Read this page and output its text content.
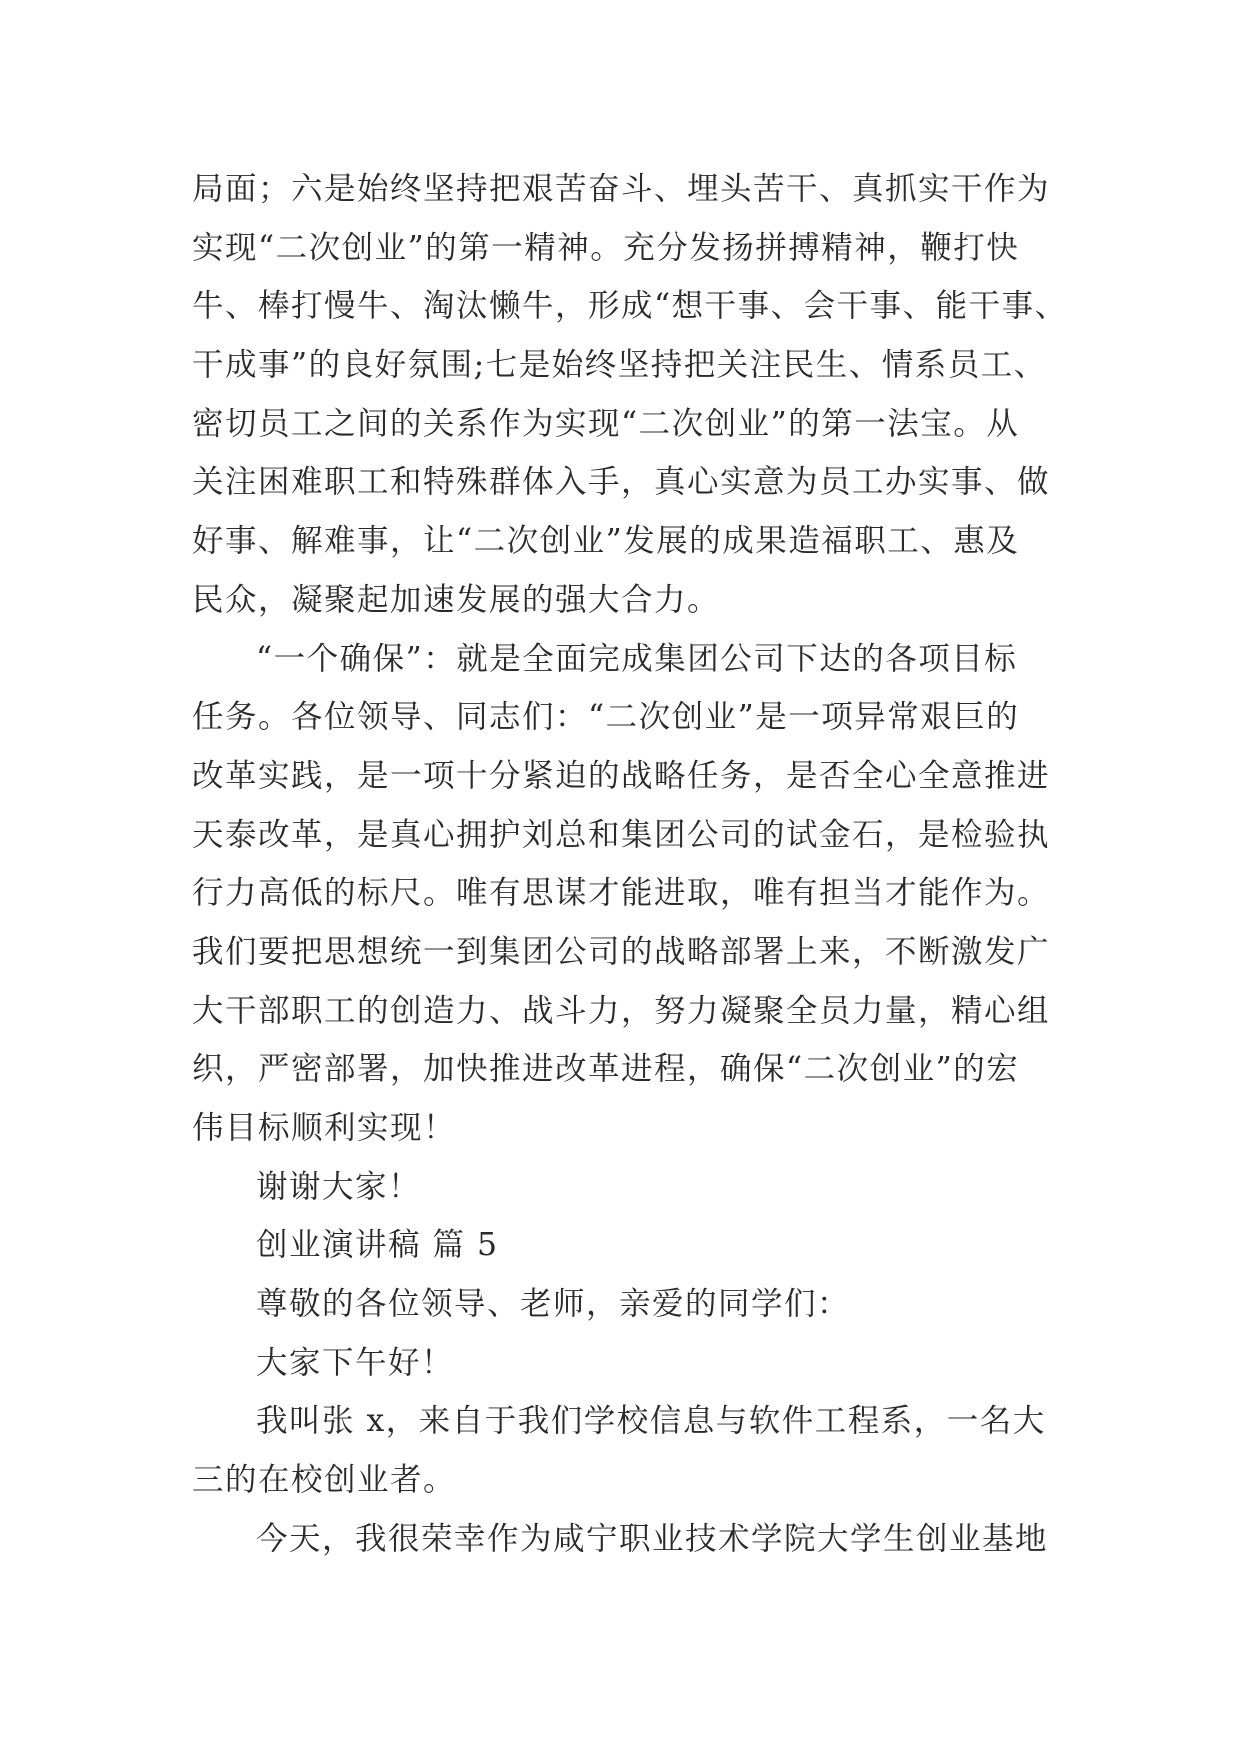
局面；六是始终坚持把艰苦奋斗、埋头苦干、真抓实干作为
实现“二次创业”的第一精神。充分发扬拼搏精神，鞭打快
牛、棒打慢牛、淘汰懒牛，形成“想干事、会干事、能干事、
干成事”的良好氛围;七是始终坚持把关注民生、情系员工、
密切员工之间的关系作为实现“二次创业”的第一法宝。从
关注困难职工和特殊群体入手，真心实意为员工办实事、做
好事、解难事，让“二次创业”发展的成果造福职工、惠及
民众，凝聚起加速发展的强大合力。
“一个确保”：就是全面完成集团公司下达的各项目标
任务。各位领导、同志们：“二次创业”是一项异常艰巨的
改革实践，是一项十分紧迫的战略任务，是否全心全意推进
天泰改革，是真心拥护刘总和集团公司的试金石，是检验执
行力高低的标尺。唯有思谋才能进取，唯有担当才能作为。
我们要把思想统一到集团公司的战略部署上来，不断激发广
大干部职工的创造力、战斗力，努力凝聚全员力量，精心组
织，严密部署，加快推进改革进程，确保“二次创业”的宏
伟目标顺利实现！
谢谢大家！
创业演讲稿 篇 5
尊敬的各位领导、老师，亲爱的同学们：
大家下午好！
我叫张 x，来自于我们学校信息与软件工程系，一名大
三的在校创业者。
今天，我很荣幸作为咸宁职业技术学院大学生创业基地
